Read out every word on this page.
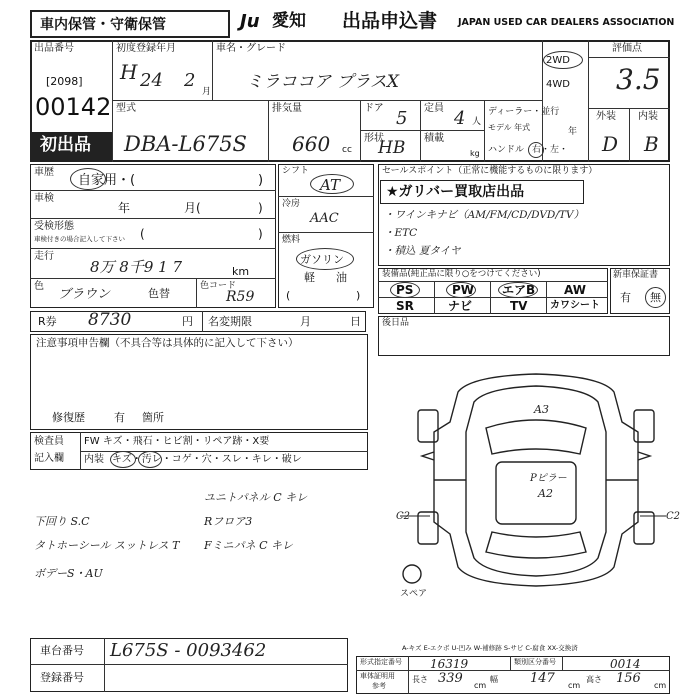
車内保管・守衛保管	Ju 愛知 出品申込書 JAPAN USED CAR DEALERS ASSOCIATION
出品番号
[2098]
00142
初出品
初度登録年月
H 24 2
月
車名・グレード
ミラココア プラスX
2WD
4WD
評価点
3.5
外装 内装
D B
型式
DBA-L675S
排気量
660 cc
ドア 5 定員 4 人
形状
HB 積載
kg
ディーラー・並行
モデル 年式	年
ハンドル 右・左・
車歴
自家用・(	)
車検
年	月(	)
受検形態
車検付きの場合記入して下さい (	)
走行
8万 8千9 1 7	km
色
ブラウン	色替
色コード
R59
R券 8730	円 名変期限	月	日
注意事項申告欄（不具合等は具体的に記入して下さい）
修復歴	有 箇所
検査員
記入欄
FW キズ・飛石・ヒビ割・リペア跡・X要
内装 キズ・汚レ・コゲ・穴・スレ・キレ・破レ
ユニトパネル C キレ
下回り S.C	Rフロア3
タトホーシール スットレス T Fミニパネ C キレ
ボデーS・AU
車台番号 L675S - 0093462
登録番号
シフト
AT
冷房
AAC
燃料
ガソリン
軽 油
(	)
セールスポイント（正常に機能するものに限ります）
★ガリバー買取店出品
・ワインキナビ（AM/FM/CD/DVD/TV）
・ETC
・積込 夏タイヤ
装備品(純正品に限り○をつけてください)
PS	PW エアB AW
SR	ナビ	TV カワシート
新車保証書
有 無
後日品
A3
Pピラー
A2
C2	C2
スペア
A-キズ E-エクボ U-凹み W-補修跡 S-サビ C-腐食 XX-交換済
形式指定番号 16319	類別区分番号	0014
車体証明用
参考
長さ 339 cm
幅 147 cm
高さ 156 cm
